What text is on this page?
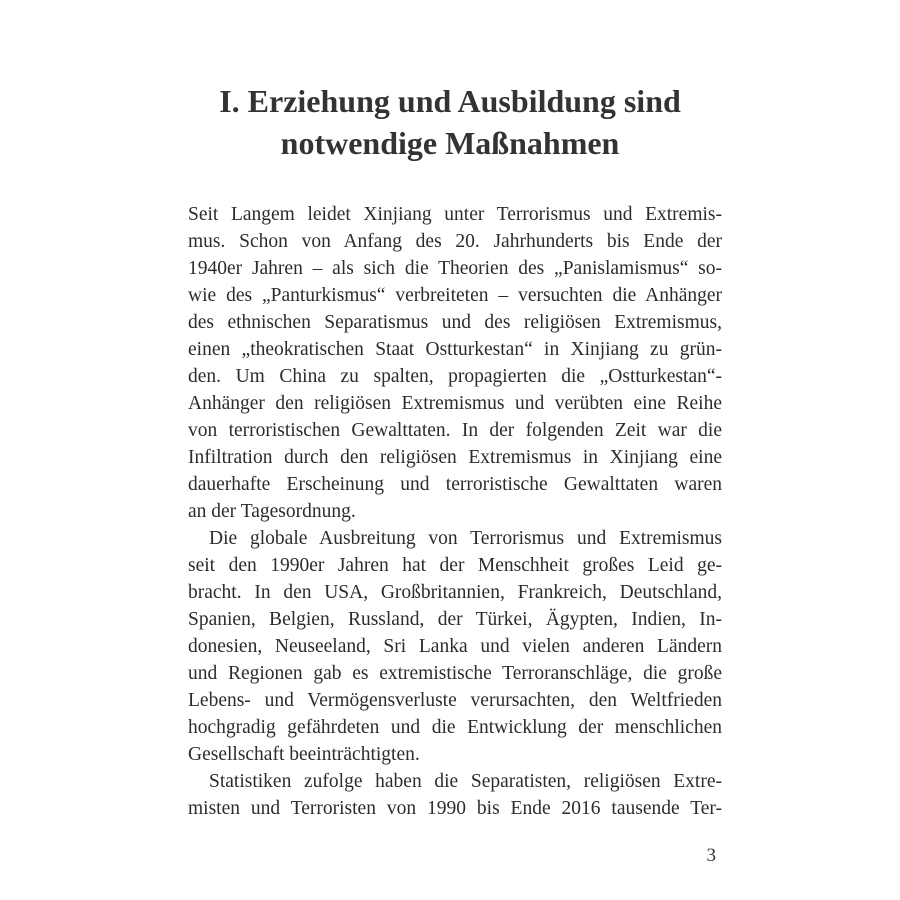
I. Erziehung und Ausbildung sind
notwendige Maßnahmen
Seit Langem leidet Xinjiang unter Terrorismus und Extremis-
mus. Schon von Anfang des 20. Jahrhunderts bis Ende der
1940er Jahren – als sich die Theorien des „Panislamismus“ so-
wie des „Panturkismus“ verbreiteten – versuchten die Anhänger
des ethnischen Separatismus und des religiösen Extremismus,
einen „theokratischen Staat Ostturkestan“ in Xinjiang zu grün-
den. Um China zu spalten, propagierten die „Ostturkestan“-
Anhänger den religiösen Extremismus und verübten eine Reihe
von terroristischen Gewalttaten. In der folgenden Zeit war die
Infiltration durch den religiösen Extremismus in Xinjiang eine
dauerhafte Erscheinung und terroristische Gewalttaten waren
an der Tagesordnung.
Die globale Ausbreitung von Terrorismus und Extremismus
seit den 1990er Jahren hat der Menschheit großes Leid ge-
bracht. In den USA, Großbritannien, Frankreich, Deutschland,
Spanien, Belgien, Russland, der Türkei, Ägypten, Indien, In-
donesien, Neuseeland, Sri Lanka und vielen anderen Ländern
und Regionen gab es extremistische Terroranschläge, die große
Lebens- und Vermögensverluste verursachten, den Weltfrieden
hochgradig gefährdeten und die Entwicklung der menschlichen
Gesellschaft beeinträchtigten.
Statistiken zufolge haben die Separatisten, religiösen Extre-
misten und Terroristen von 1990 bis Ende 2016 tausende Ter-
3
